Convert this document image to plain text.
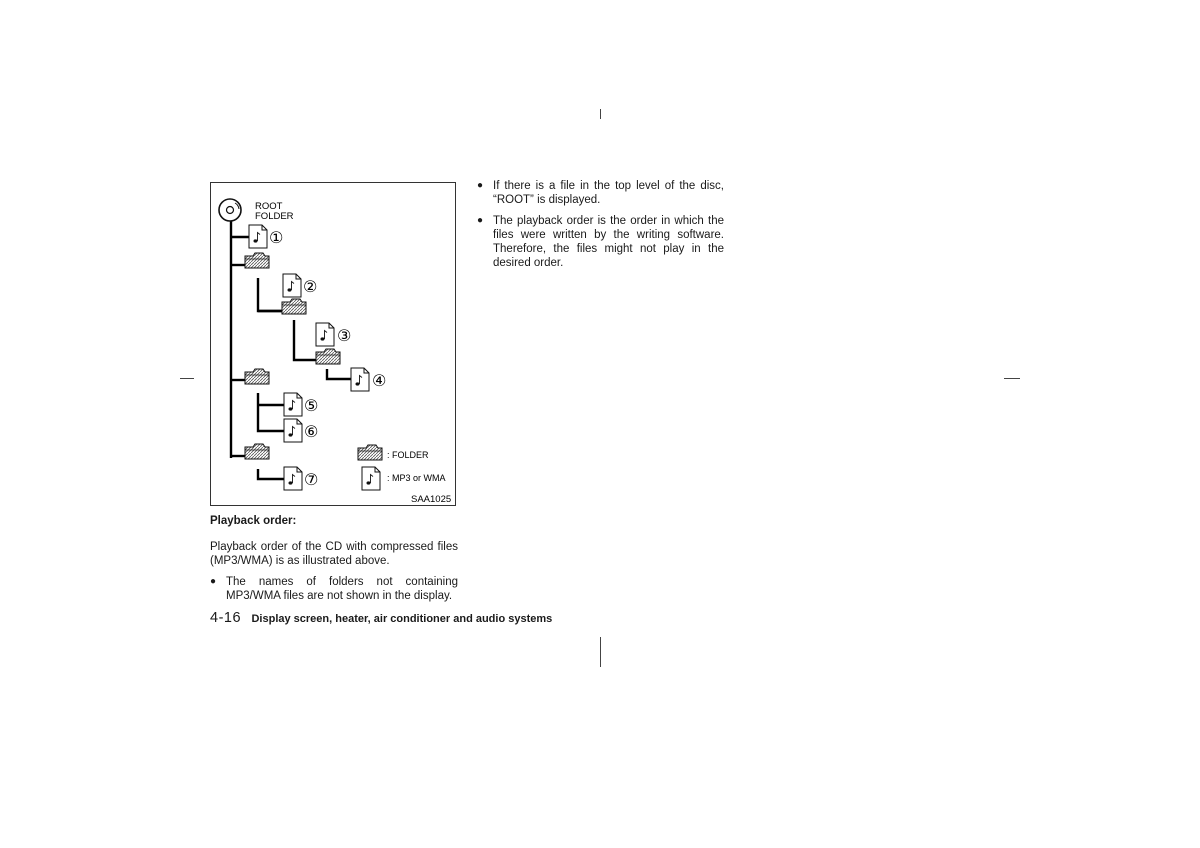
ROOT
FOLDER
①
②
③
④
⑤
⑥
⑦
: FOLDER
: MP3 or WMA
SAA1025
Playback order:
Playback order of the CD with compressed files (MP3/WMA) is as illustrated above.
● The names of folders not containing MP3/WMA files are not shown in the display.
● If there is a file in the top level of the disc, “ROOT” is displayed.
● The playback order is the order in which the files were written by the writing software. Therefore, the files might not play in the desired order.
4-16 Display screen, heater, air conditioner and audio systems
